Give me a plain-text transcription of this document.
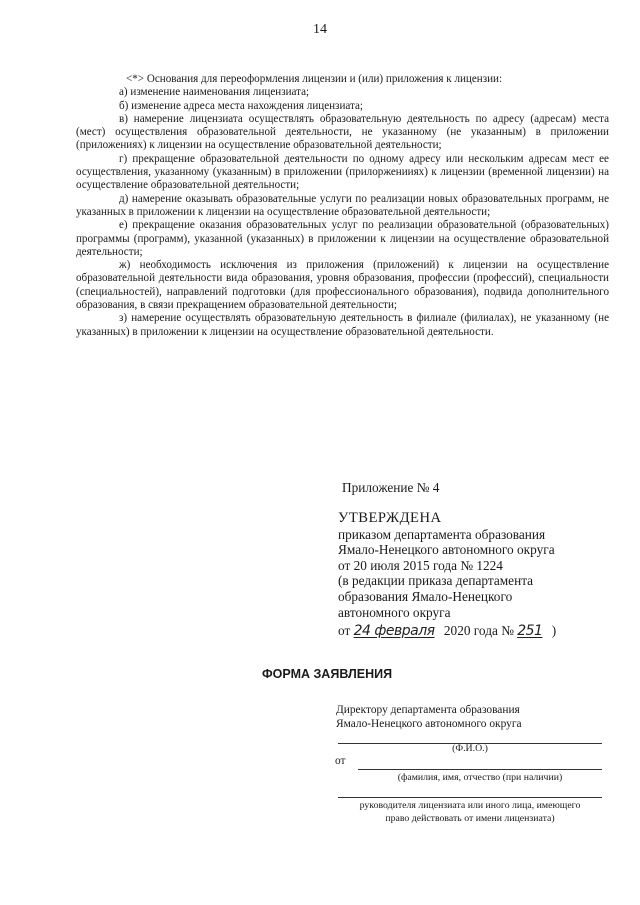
14

<*> Основания для переоформления лицензии и (или) приложения к лицензии:

а) изменение наименования лицензиата;

б) изменение адреса места нахождения лицензиата;

в) намерение лицензиата осуществлять образовательную деятельность по адресу (адресам) места (мест) осуществления образовательной деятельности, не указанному (не указанным) в приложении (приложениях) к лицензии на осуществление образовательной деятельности;

г) прекращение образовательной деятельности по одному адресу или нескольким адресам мест ее осуществления, указанному (указанным) в приложении (прилорженииях) к лицензии (временной лицензии) на осуществление образовательной деятельности;

д) намерение оказывать образовательные услуги по реализации новых образовательных программ, не указанных в приложении к лицензии на осуществление образовательной деятельности;

е) прекращение оказания образовательных услуг по реализации образовательной (образовательных) программы (программ), указанной (указанных) в приложении к лицензии на осуществление образовательной деятельности;

ж) необходимость исключения из приложения (приложений) к лицензии на осуществление образовательной деятельности вида образования, уровня образования, профессии (профессий), специальности (специальностей), направлений подготовки (для профессионального образования), подвида дополнительного образования, в связи прекращением образовательной деятельности;

з) намерение осуществлять образовательную деятельность в филиале (филиалах), не указанному (не указанных) в приложении к лицензии на осуществление образовательной деятельности.

Приложение № 4
УТВЕРЖДЕНА
приказом департамента образования
Ямало-Ненецкого автономного округа
от 20 июля 2015 года № 1224
(в редакции приказа департамента
образования Ямало-Ненецкого
автономного округа
от 24 февраля 2020 года № 251 )
ФОРМА ЗАЯВЛЕНИЯ
Директору департамента образования
Ямало-Ненецкого автономного округа
(Ф.И.О.)
от
(фамилия, имя, отчество (при наличии)
руководителя лицензиата или иного лица, имеющего
право действовать от имени лицензиата)
